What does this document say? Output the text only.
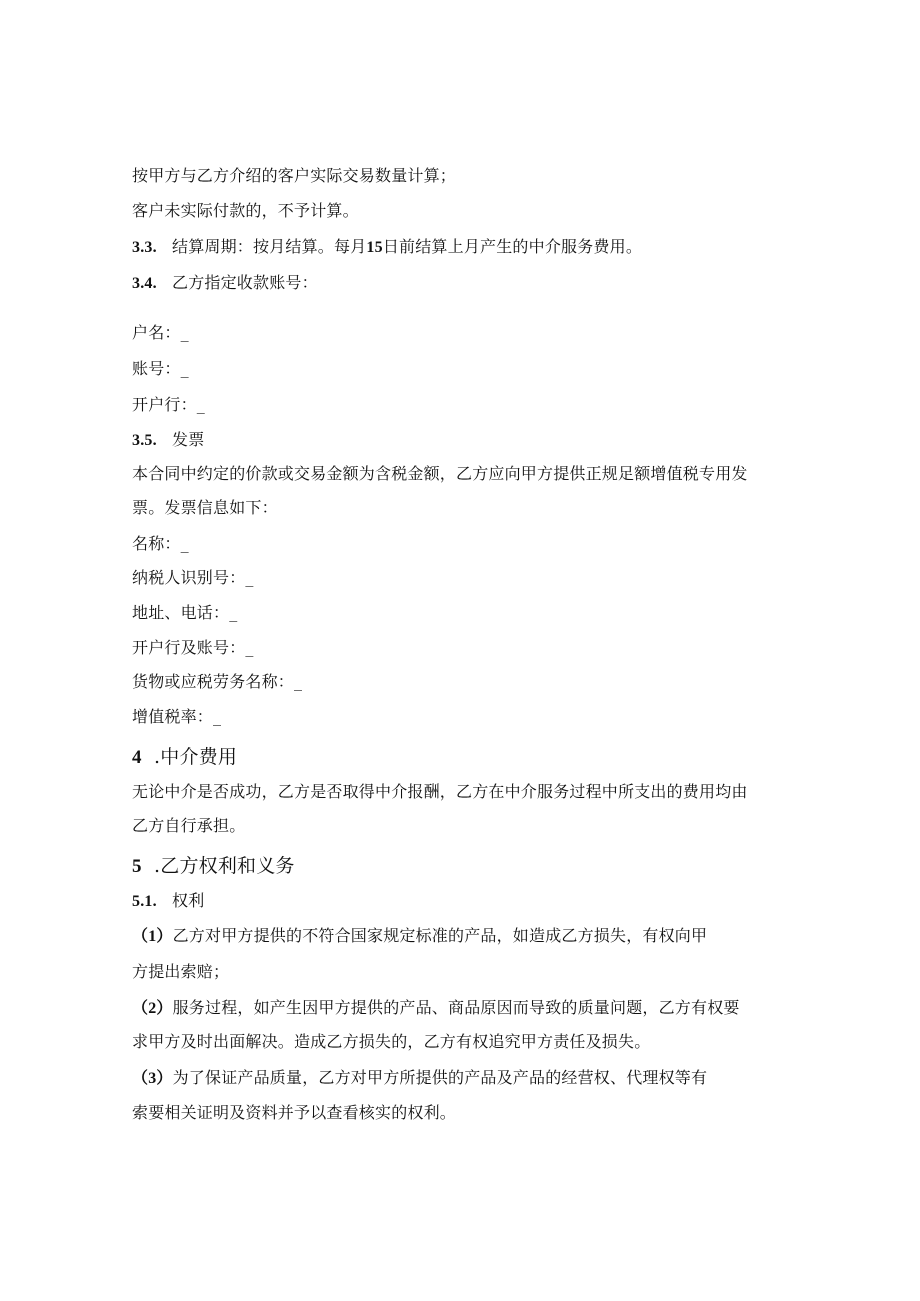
按甲方与乙方介绍的客户实际交易数量计算；
客户未实际付款的，不予计算。
3.3. 结算周期：按月结算。每月15日前结算上月产生的中介服务费用。
3.4. 乙方指定收款账号：
户名：_
账号：_
开户行：_
3.5. 发票
本合同中约定的价款或交易金额为含税金额，乙方应向甲方提供正规足额增值税专用发
票。发票信息如下：
名称：_
纳税人识别号：_
地址、电话：_
开户行及账号：_
货物或应税劳务名称：_
增值税率：_
4 .中介费用
无论中介是否成功，乙方是否取得中介报酬，乙方在中介服务过程中所支出的费用均由
乙方自行承担。
5 .乙方权利和义务
5.1. 权利
（1）乙方对甲方提供的不符合国家规定标准的产品，如造成乙方损失，有权向甲
方提出索赔；
（2）服务过程，如产生因甲方提供的产品、商品原因而导致的质量问题，乙方有权要
求甲方及时出面解决。造成乙方损失的，乙方有权追究甲方责任及损失。
（3）为了保证产品质量，乙方对甲方所提供的产品及产品的经营权、代理权等有
索要相关证明及资料并予以查看核实的权利。
